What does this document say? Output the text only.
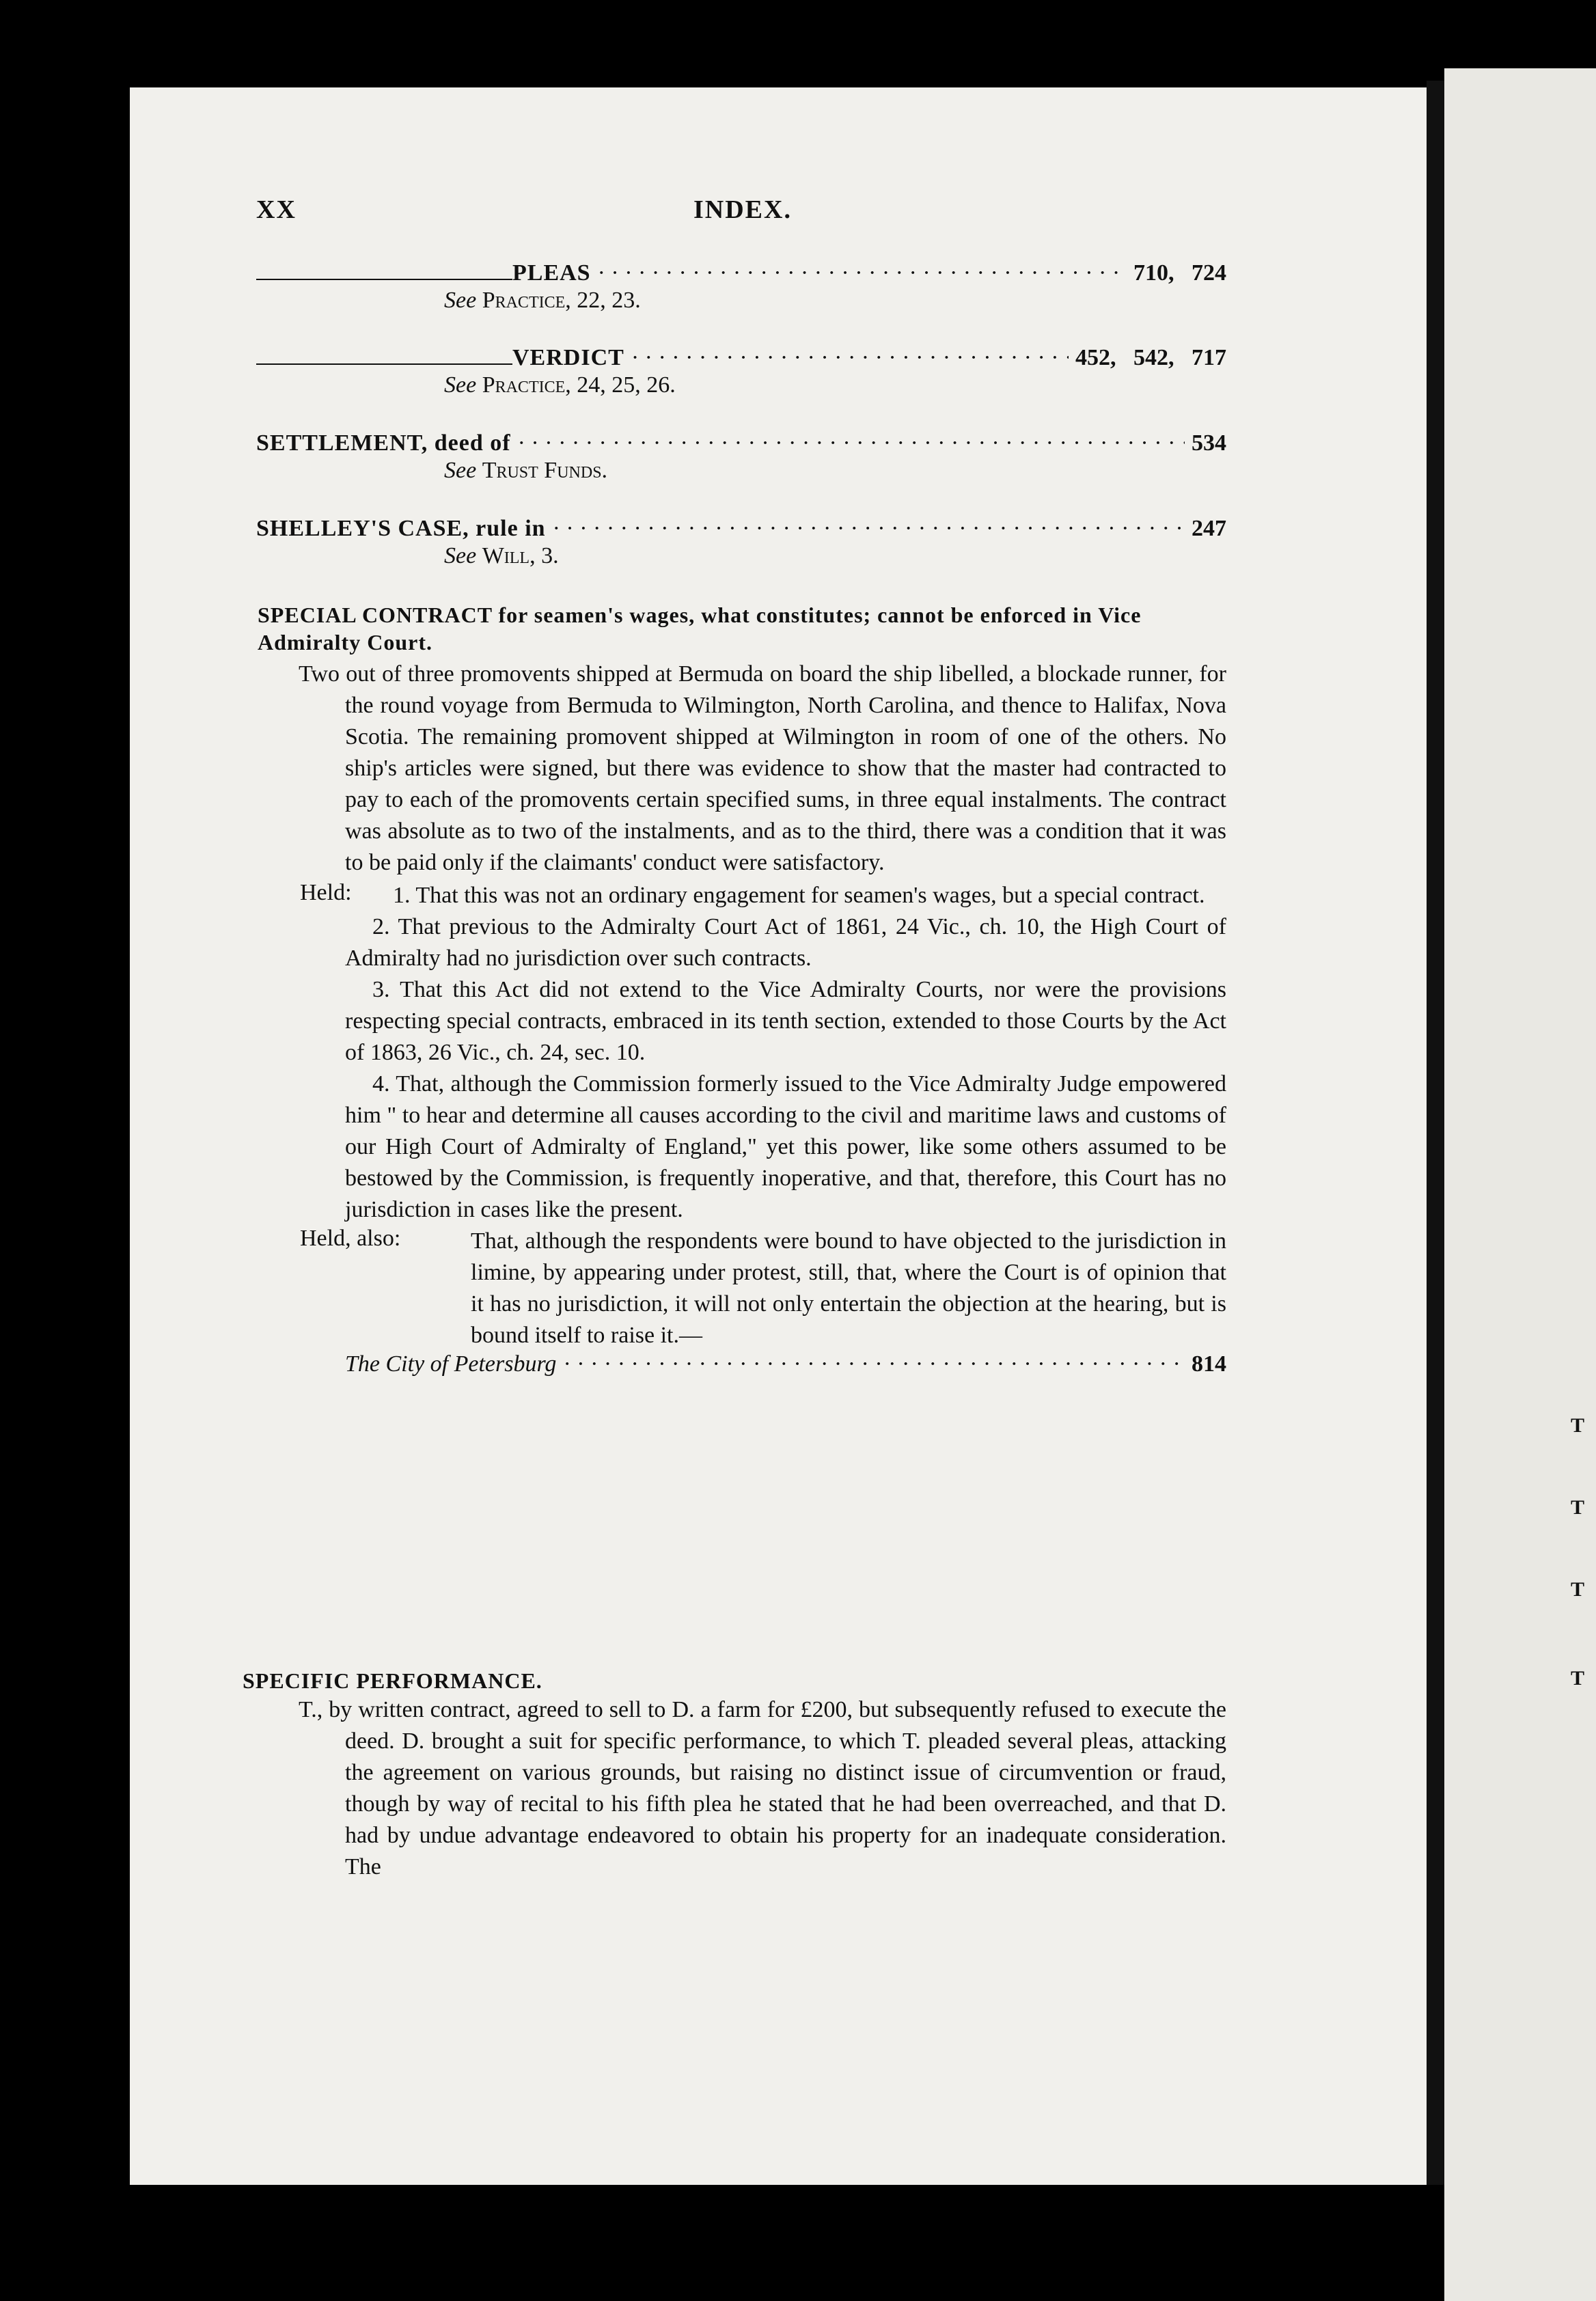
T
T
T
T
XX	INDEX.
PLEAS · · ·	710,   724
See Practice, 22, 23.
VERDICT · · ·	452,   542,   717
See Practice, 24, 25, 26.
SETTLEMENT, deed of · · ·	534
See Trust Funds.
SHELLEY'S CASE, rule in · · ·	247
See Will, 3.
SPECIAL CONTRACT for seamen's wages, what constitutes; cannot be enforced in Vice Admiralty Court.
Two out of three promovents shipped at Bermuda on board the ship libelled, a blockade runner, for the round voyage from Bermuda to Wilmington, North Carolina, and thence to Halifax, Nova Scotia. The remaining promovent shipped at Wilmington in room of one of the others. No ship's articles were signed, but there was evidence to show that the master had contracted to pay to each of the promovents certain specified sums, in three equal instalments. The contract was absolute as to two of the instalments, and as to the third, there was a condition that it was to be paid only if the claimants' conduct were satisfactory.
Held:	1. That this was not an ordinary engagement for seamen's wages, but a special contract.
2. That previous to the Admiralty Court Act of 1861, 24 Vic., ch. 10, the High Court of Admiralty had no jurisdiction over such contracts.
3. That this Act did not extend to the Vice Admiralty Courts, nor were the provisions respecting special contracts, embraced in its tenth section, extended to those Courts by the Act of 1863, 26 Vic., ch. 24, sec. 10.
4. That, although the Commission formerly issued to the Vice Admiralty Judge empowered him " to hear and determine all causes according to the civil and maritime laws and customs of our High Court of Admiralty of England," yet this power, like some others assumed to be bestowed by the Commission, is frequently inoperative, and that, therefore, this Court has no jurisdiction in cases like the present.
Held, also:	That, although the respondents were bound to have objected to the jurisdiction in limine, by appearing under protest, still, that, where the Court is of opinion that it has no jurisdiction, it will not only entertain the objection at the hearing, but is bound itself to raise it.—
The City of Petersburg · · ·	814
SPECIFIC PERFORMANCE.
T., by written contract, agreed to sell to D. a farm for £200, but subsequently refused to execute the deed. D. brought a suit for specific performance, to which T. pleaded several pleas, attacking the agreement on various grounds, but raising no distinct issue of circumvention or fraud, though by way of recital to his fifth plea he stated that he had been overreached, and that D. had by undue advantage endeavored to obtain his property for an inadequate consideration. The
